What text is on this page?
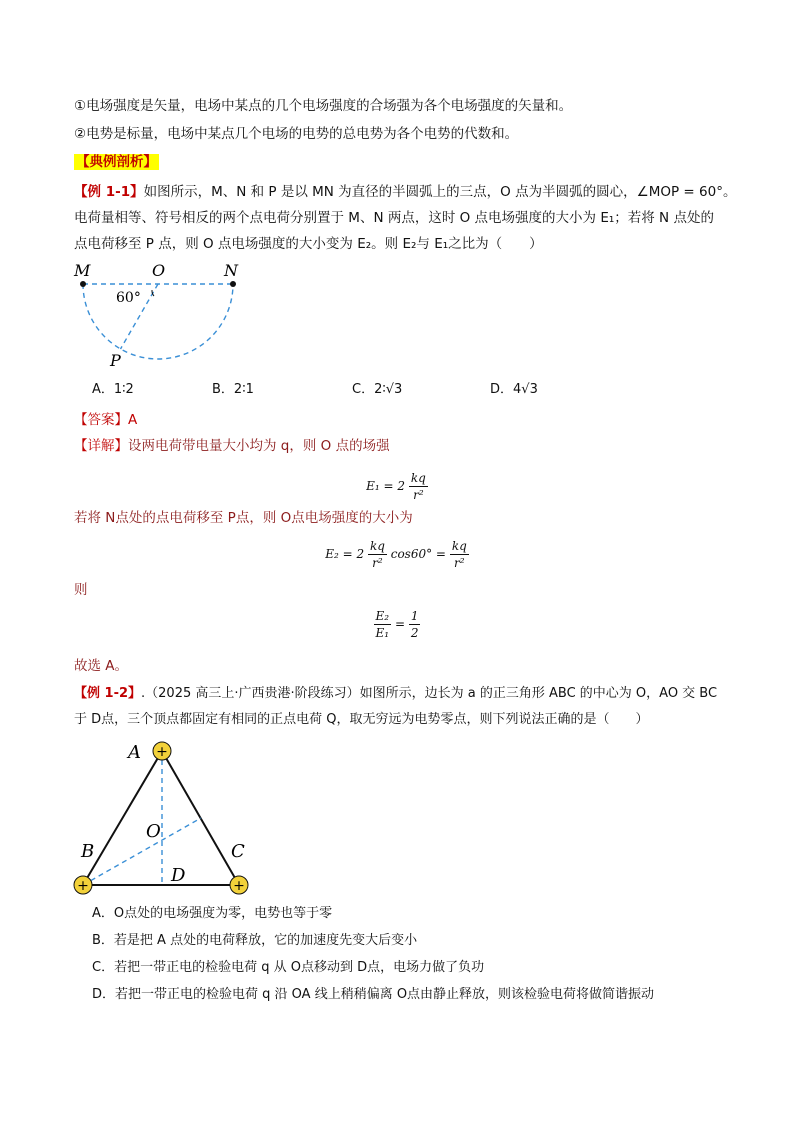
①电场强度是矢量，电场中某点的几个电场强度的合场强为各个电场强度的矢量和。
②电势是标量，电场中某点几个电场的电势的总电势为各个电势的代数和。
【典例剖析】
【例 1-1】如图所示，M、N 和 P 是以 MN 为直径的半圆弧上的三点，O 点为半圆弧的圆心，∠MOP = 60°。
电荷量相等、符号相反的两个点电荷分别置于 M、N 两点，这时 O 点电场强度的大小为 E₁；若将 N 点处的
点电荷移至 P 点，则 O 点电场强度的大小变为 E₂。则 E₂与 E₁之比为（　　）
M	O	N
60°
P
A．1∶2	B．2∶1	C．2∶√3	D．4√3
【答案】A
【详解】设两电荷带电量大小均为 q，则 O 点的场强
$E_1 = 2 \frac{kq}{\text{r²}}$
若将 N点处的点电荷移至 P点，则 O点电场强度的大小为
$E_2 = 2 \frac{kq}{\text{r²}} \cos 60^\circ = \frac{kq}{\text{r²}}$
则
$\frac{\text{E₂}}{\text{E₁}} = \frac{1}{2}$
故选 A。
【例 1-2】.（2025 高三上·广西贵港·阶段练习）如图所示，边长为 a 的正三角形 ABC 的中心为 O，AO 交 BC
于 D点，三个顶点都固定有相同的正点电荷 Q，取无穷远为电势零点，则下列说法正确的是（　　）
+
+	+
A
O
B	C
D
A．O点处的电场强度为零，电势也等于零
B．若是把 A 点处的电荷释放，它的加速度先变大后变小
C．若把一带正电的检验电荷 q 从 O点移动到 D点，电场力做了负功
D．若把一带正电的检验电荷 q 沿 OA 线上稍稍偏离 O点由静止释放，则该检验电荷将做简谐振动
